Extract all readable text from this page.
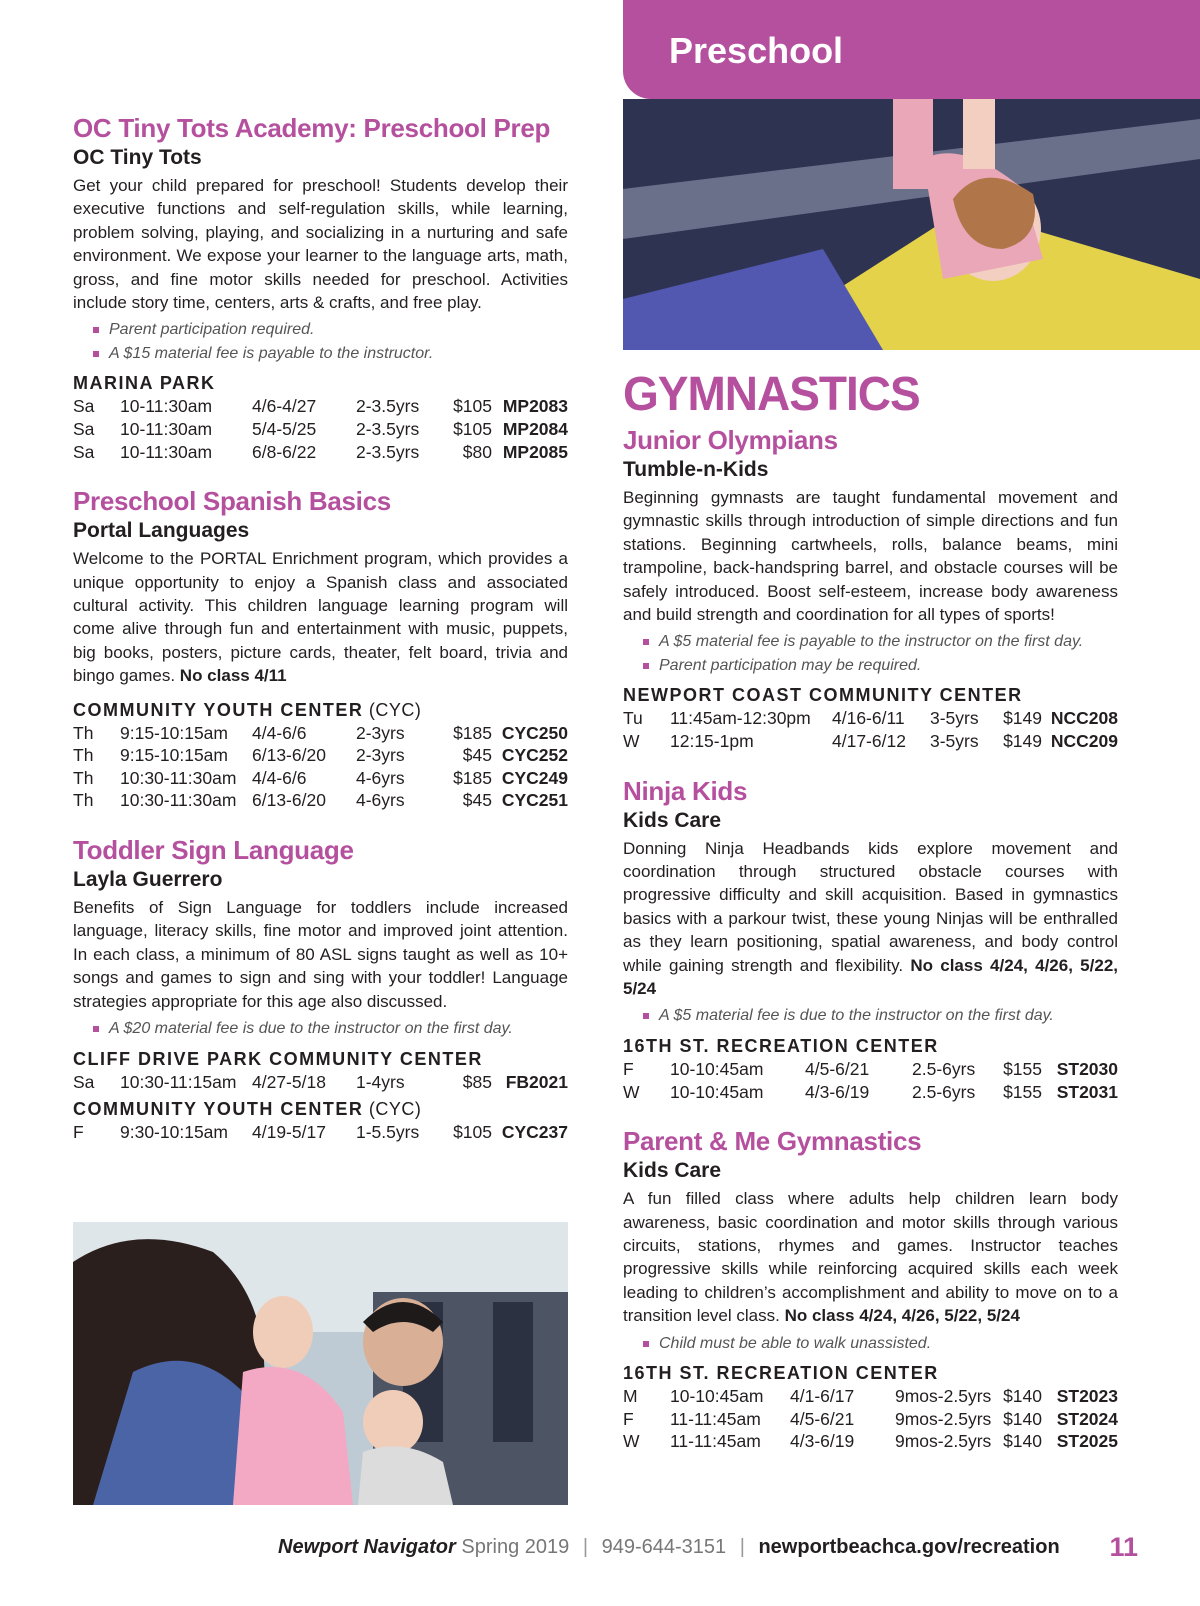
Preschool
OC Tiny Tots Academy: Preschool Prep

OC Tiny Tots

Get your child prepared for preschool! Students develop their executive functions and self-regulation skills, while learning, problem solving, playing, and socializing in a nurturing and safe environment. We expose your learner to the language arts, math, gross, and fine motor skills needed for preschool. Activities include story time, centers, arts & crafts, and free play.

Parent participation required.
A $15 material fee is payable to the instructor.

MARINA PARK

Sa	10-11:30am	4/6-4/27	2-3.5yrs	$105	MP2083
Sa	10-11:30am	5/4-5/25	2-3.5yrs	$105	MP2084
Sa	10-11:30am	6/8-6/22	2-3.5yrs	$80	MP2085
Preschool Spanish Basics

Portal Languages

Welcome to the PORTAL Enrichment program, which provides a unique opportunity to enjoy a Spanish class and associated cultural activity. This children language learning program will come alive through fun and entertainment with music, puppets, big books, posters, picture cards, theater, felt board, trivia and bingo games. No class 4/11

COMMUNITY YOUTH CENTER (CYC)

Th	9:15-10:15am	4/4-6/6	2-3yrs	$185	CYC250
Th	9:15-10:15am	6/13-6/20	2-3yrs	$45	CYC252
Th	10:30-11:30am	4/4-6/6	4-6yrs	$185	CYC249
Th	10:30-11:30am	6/13-6/20	4-6yrs	$45	CYC251
Toddler Sign Language

Layla Guerrero

Benefits of Sign Language for toddlers include increased language, literacy skills, fine motor and improved joint attention. In each class, a minimum of 80 ASL signs taught as well as 10+ songs and games to sign and sing with your toddler! Language strategies appropriate for this age also discussed.

A $20 material fee is due to the instructor on the first day.

CLIFF DRIVE PARK COMMUNITY CENTER

Sa	10:30-11:15am	4/27-5/18	1-4yrs	$85	FB2021

COMMUNITY YOUTH CENTER (CYC)

F	9:30-10:15am	4/19-5/17	1-5.5yrs	$105	CYC237
GYMNASTICS
Junior Olympians

Tumble-n-Kids

Beginning gymnasts are taught fundamental movement and gymnastic skills through introduction of simple directions and fun stations. Beginning cartwheels, rolls, balance beams, mini trampoline, back-handspring barrel, and obstacle courses will be safely introduced. Boost self-esteem, increase body awareness and build strength and coordination for all types of sports!

A $5 material fee is payable to the instructor on the first day.
Parent participation may be required.

NEWPORT COAST COMMUNITY CENTER

Tu	11:45am-12:30pm	4/16-6/11	3-5yrs	$149	NCC208
W	12:15-1pm	4/17-6/12	3-5yrs	$149	NCC209
Ninja Kids

Kids Care

Donning Ninja Headbands kids explore movement and coordination through structured obstacle courses with progressive difficulty and skill acquisition. Based in gymnastics basics with a parkour twist, these young Ninjas will be enthralled as they learn positioning, spatial awareness, and body control while gaining strength and flexibility. No class 4/24, 4/26, 5/22, 5/24

A $5 material fee is due to the instructor on the first day.

16TH ST. RECREATION CENTER

F	10-10:45am	4/5-6/21	2.5-6yrs	$155	ST2030
W	10-10:45am	4/3-6/19	2.5-6yrs	$155	ST2031
Parent & Me Gymnastics

Kids Care

A fun filled class where adults help children learn body awareness, basic coordination and motor skills through various circuits, stations, rhymes and games. Instructor teaches progressive skills while reinforcing acquired skills each week leading to children’s accomplishment and ability to move on to a transition level class. No class 4/24, 4/26, 5/22, 5/24

Child must be able to walk unassisted.

16TH ST. RECREATION CENTER

M	10-10:45am 4/1-6/17		9mos-2.5yrs	$140	ST2023
F	11-11:45am 4/5-6/21		9mos-2.5yrs	$140	ST2024
W	11-11:45am 4/3-6/19		9mos-2.5yrs	$140	ST2025
Newport Navigator Spring 2019 | 949-644-3151 | newportbeachca.gov/recreation 11
